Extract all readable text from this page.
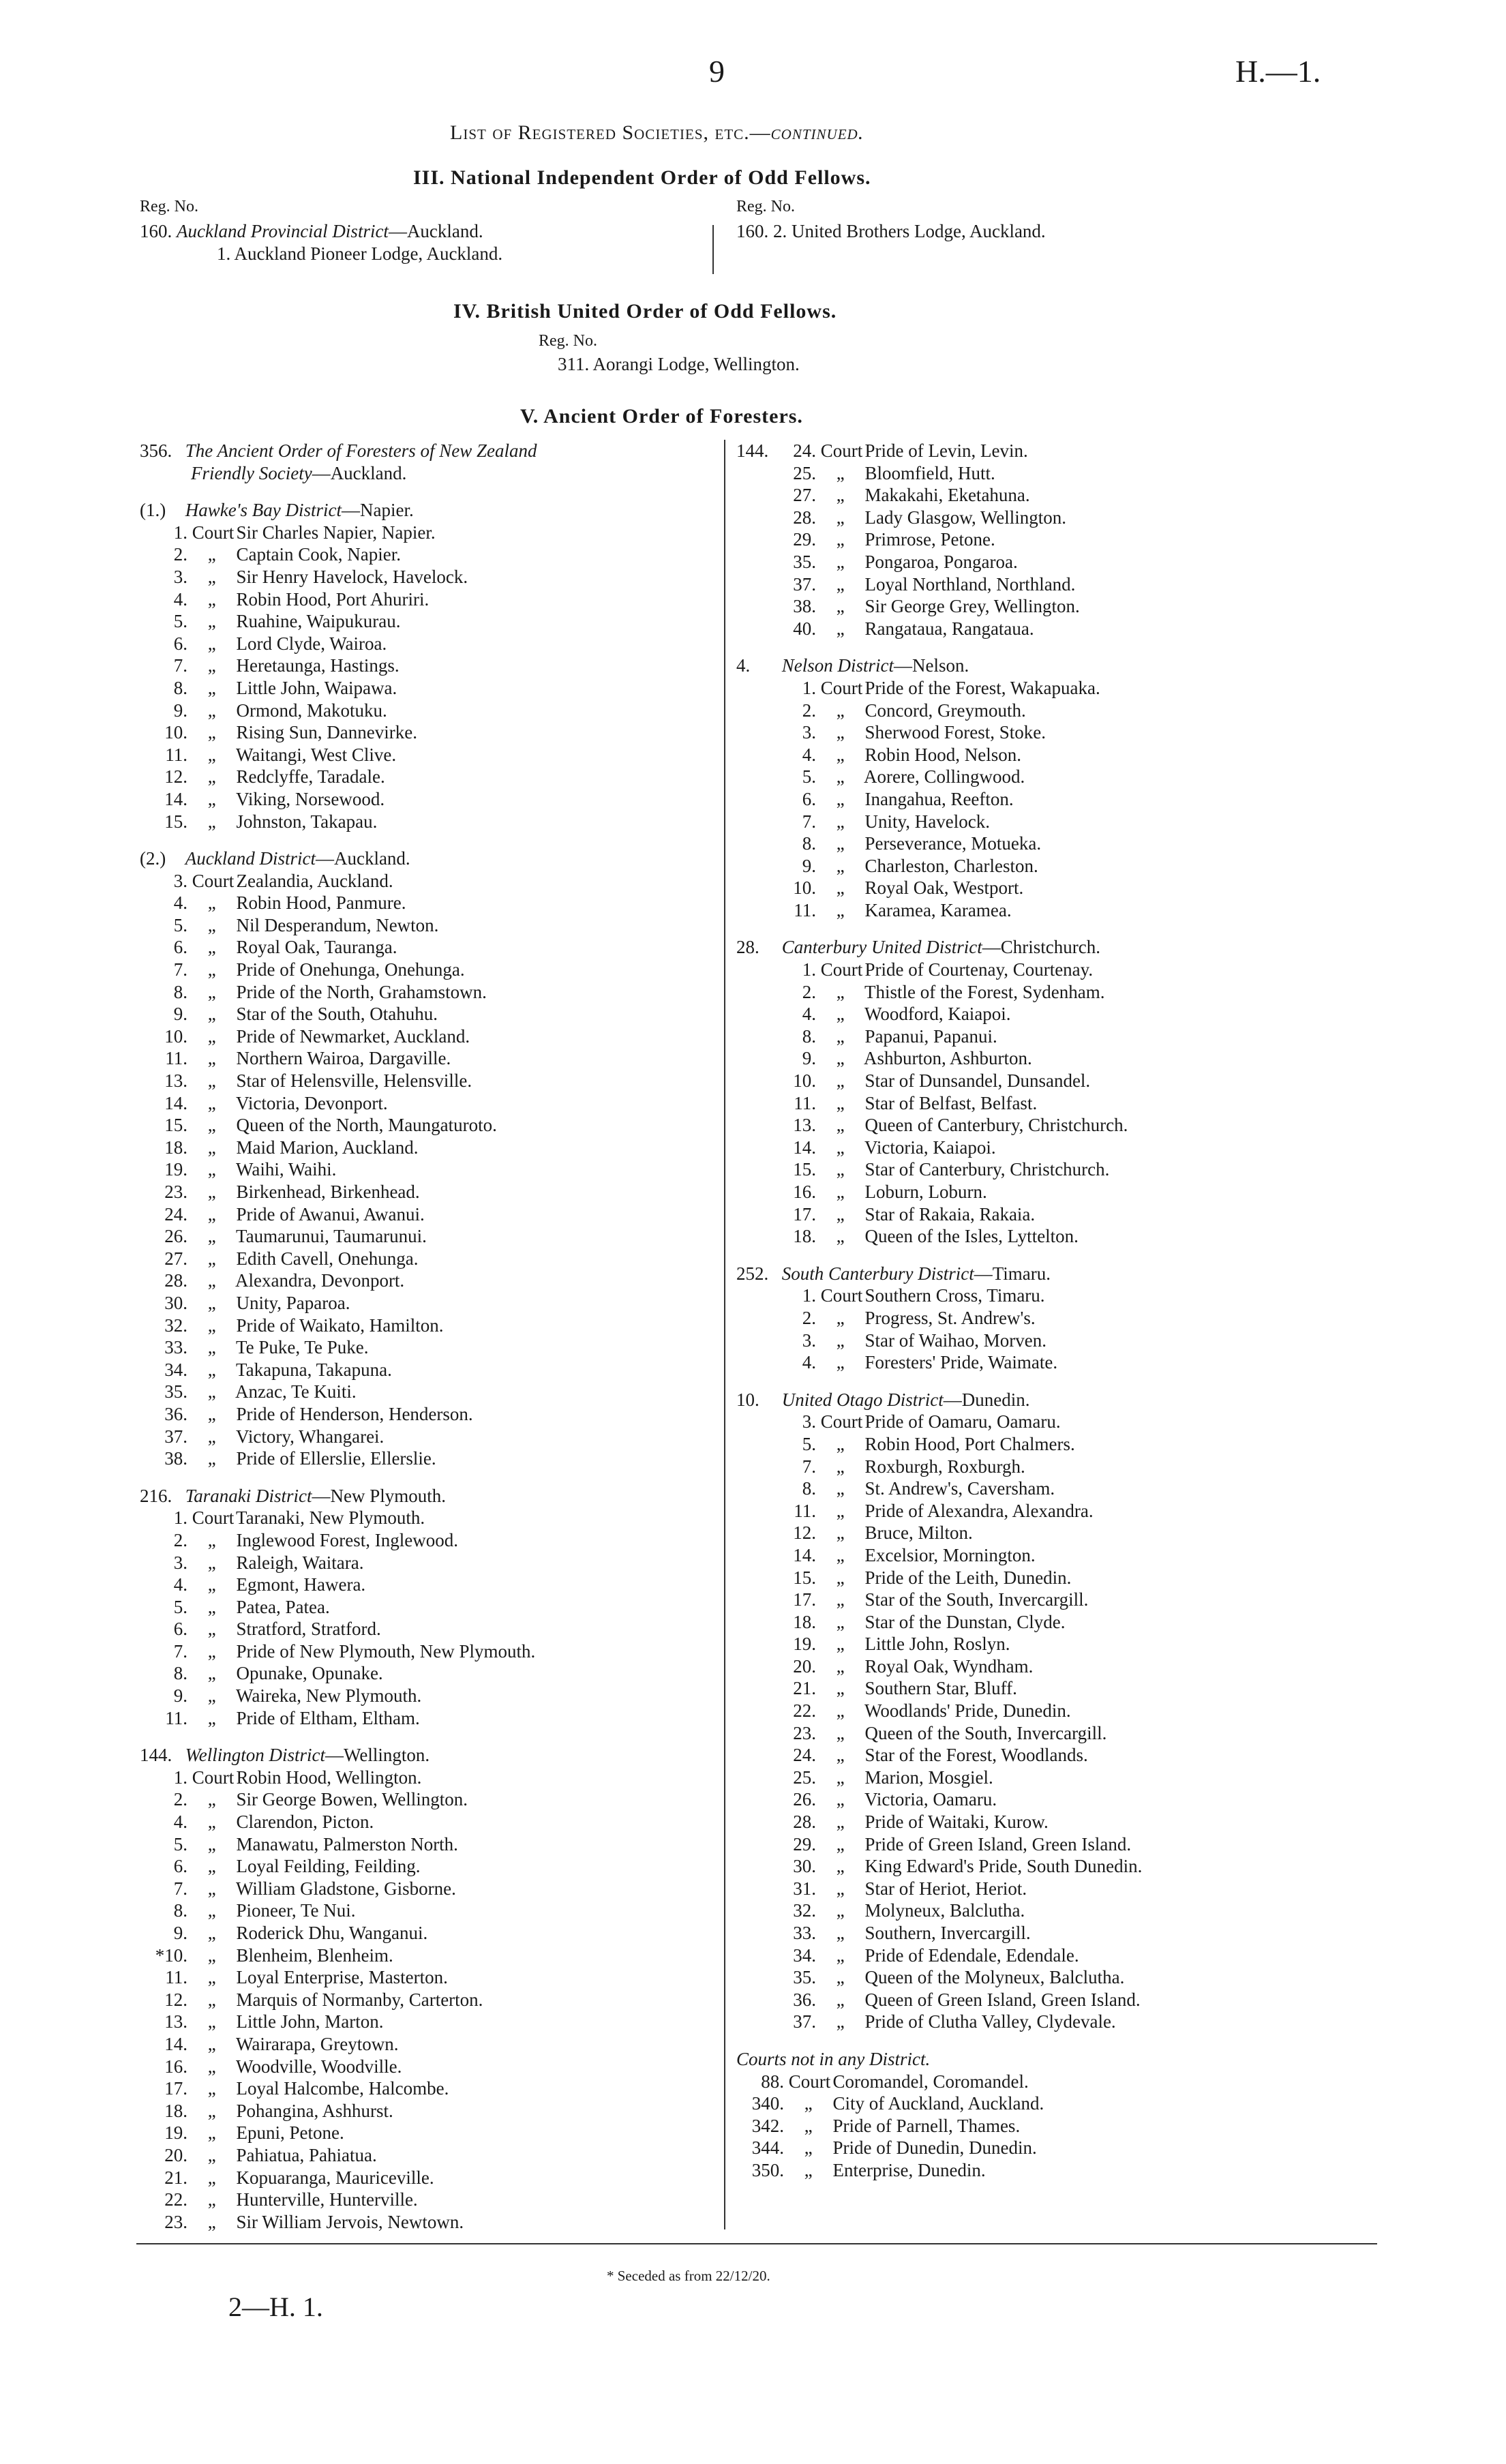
9	H.—1.
List of Registered Societies, etc.—continued.
III. National Independent Order of Odd Fellows.
Reg. No.
160. Auckland Provincial District—Auckland.
1. Auckland Pioneer Lodge, Auckland.
Reg. No.
160. 2. United Brothers Lodge, Auckland.
IV. British United Order of Odd Fellows.
Reg. No.
311. Aorangi Lodge, Wellington.
V. Ancient Order of Foresters.
356. The Ancient Order of Foresters of New Zealand
Friendly Society—Auckland.
(1.) Hawke's Bay District—Napier.
1. Court Sir Charles Napier, Napier.
2. „ Captain Cook, Napier.
3. „ Sir Henry Havelock, Havelock.
4. „ Robin Hood, Port Ahuriri.
5. „ Ruahine, Waipukurau.
6. „ Lord Clyde, Wairoa.
7. „ Heretaunga, Hastings.
8. „ Little John, Waipawa.
9. „ Ormond, Makotuku.
10. „ Rising Sun, Dannevirke.
11. „ Waitangi, West Clive.
12. „ Redclyffe, Taradale.
14. „ Viking, Norsewood.
15. „ Johnston, Takapau.
(2.) Auckland District—Auckland.
3. Court Zealandia, Auckland.
4. „ Robin Hood, Panmure.
5. „ Nil Desperandum, Newton.
6. „ Royal Oak, Tauranga.
7. „ Pride of Onehunga, Onehunga.
8. „ Pride of the North, Grahamstown.
9. „ Star of the South, Otahuhu.
10. „ Pride of Newmarket, Auckland.
11. „ Northern Wairoa, Dargaville.
13. „ Star of Helensville, Helensville.
14. „ Victoria, Devonport.
15. „ Queen of the North, Maungaturoto.
18. „ Maid Marion, Auckland.
19. „ Waihi, Waihi.
23. „ Birkenhead, Birkenhead.
24. „ Pride of Awanui, Awanui.
26. „ Taumarunui, Taumarunui.
27. „ Edith Cavell, Onehunga.
28. „ Alexandra, Devonport.
30. „ Unity, Paparoa.
32. „ Pride of Waikato, Hamilton.
33. „ Te Puke, Te Puke.
34. „ Takapuna, Takapuna.
35. „ Anzac, Te Kuiti.
36. „ Pride of Henderson, Henderson.
37. „ Victory, Whangarei.
38. „ Pride of Ellerslie, Ellerslie.
216. Taranaki District—New Plymouth.
1. Court Taranaki, New Plymouth.
2. „ Inglewood Forest, Inglewood.
3. „ Raleigh, Waitara.
4. „ Egmont, Hawera.
5. „ Patea, Patea.
6. „ Stratford, Stratford.
7. „ Pride of New Plymouth, New Plymouth.
8. „ Opunake, Opunake.
9. „ Waireka, New Plymouth.
11. „ Pride of Eltham, Eltham.
144. Wellington District—Wellington.
1. Court Robin Hood, Wellington.
2. „ Sir George Bowen, Wellington.
4. „ Clarendon, Picton.
5. „ Manawatu, Palmerston North.
6. „ Loyal Feilding, Feilding.
7. „ William Gladstone, Gisborne.
8. „ Pioneer, Te Nui.
9. „ Roderick Dhu, Wanganui.
*10. „ Blenheim, Blenheim.
11. „ Loyal Enterprise, Masterton.
12. „ Marquis of Normanby, Carterton.
13. „ Little John, Marton.
14. „ Wairarapa, Greytown.
16. „ Woodville, Woodville.
17. „ Loyal Halcombe, Halcombe.
18. „ Pohangina, Ashhurst.
19. „ Epuni, Petone.
20. „ Pahiatua, Pahiatua.
21. „ Kopuaranga, Mauriceville.
22. „ Hunterville, Hunterville.
23. „ Sir William Jervois, Newtown.
24. Court Pride of Levin, Levin.
144.
25. „ Bloomfield, Hutt.
27. „ Makakahi, Eketahuna.
28. „ Lady Glasgow, Wellington.
29. „ Primrose, Petone.
35. „ Pongaroa, Pongaroa.
37. „ Loyal Northland, Northland.
38. „ Sir George Grey, Wellington.
40. „ Rangataua, Rangataua.
4. Nelson District—Nelson.
1. Court Pride of the Forest, Wakapuaka.
2. „ Concord, Greymouth.
3. „ Sherwood Forest, Stoke.
4. „ Robin Hood, Nelson.
5. „ Aorere, Collingwood.
6. „ Inangahua, Reefton.
7. „ Unity, Havelock.
8. „ Perseverance, Motueka.
9. „ Charleston, Charleston.
10. „ Royal Oak, Westport.
11. „ Karamea, Karamea.
28. Canterbury United District—Christchurch.
1. Court Pride of Courtenay, Courtenay.
2. „ Thistle of the Forest, Sydenham.
4. „ Woodford, Kaiapoi.
8. „ Papanui, Papanui.
9. „ Ashburton, Ashburton.
10. „ Star of Dunsandel, Dunsandel.
11. „ Star of Belfast, Belfast.
13. „ Queen of Canterbury, Christchurch.
14. „ Victoria, Kaiapoi.
15. „ Star of Canterbury, Christchurch.
16. „ Loburn, Loburn.
17. „ Star of Rakaia, Rakaia.
18. „ Queen of the Isles, Lyttelton.
252. South Canterbury District—Timaru.
1. Court Southern Cross, Timaru.
2. „ Progress, St. Andrew's.
3. „ Star of Waihao, Morven.
4. „ Foresters' Pride, Waimate.
10. United Otago District—Dunedin.
3. Court Pride of Oamaru, Oamaru.
5. „ Robin Hood, Port Chalmers.
7. „ Roxburgh, Roxburgh.
8. „ St. Andrew's, Caversham.
11. „ Pride of Alexandra, Alexandra.
12. „ Bruce, Milton.
14. „ Excelsior, Mornington.
15. „ Pride of the Leith, Dunedin.
17. „ Star of the South, Invercargill.
18. „ Star of the Dunstan, Clyde.
19. „ Little John, Roslyn.
20. „ Royal Oak, Wyndham.
21. „ Southern Star, Bluff.
22. „ Woodlands' Pride, Dunedin.
23. „ Queen of the South, Invercargill.
24. „ Star of the Forest, Woodlands.
25. „ Marion, Mosgiel.
26. „ Victoria, Oamaru.
28. „ Pride of Waitaki, Kurow.
29. „ Pride of Green Island, Green Island.
30. „ King Edward's Pride, South Dunedin.
31. „ Star of Heriot, Heriot.
32. „ Molyneux, Balclutha.
33. „ Southern, Invercargill.
34. „ Pride of Edendale, Edendale.
35. „ Queen of the Molyneux, Balclutha.
36. „ Queen of Green Island, Green Island.
37. „ Pride of Clutha Valley, Clydevale.
Courts not in any District.
88. Court Coromandel, Coromandel.
340. „ City of Auckland, Auckland.
342. „ Pride of Parnell, Thames.
344. „ Pride of Dunedin, Dunedin.
350. „ Enterprise, Dunedin.
* Seceded as from 22/12/20.
2—H. 1.
